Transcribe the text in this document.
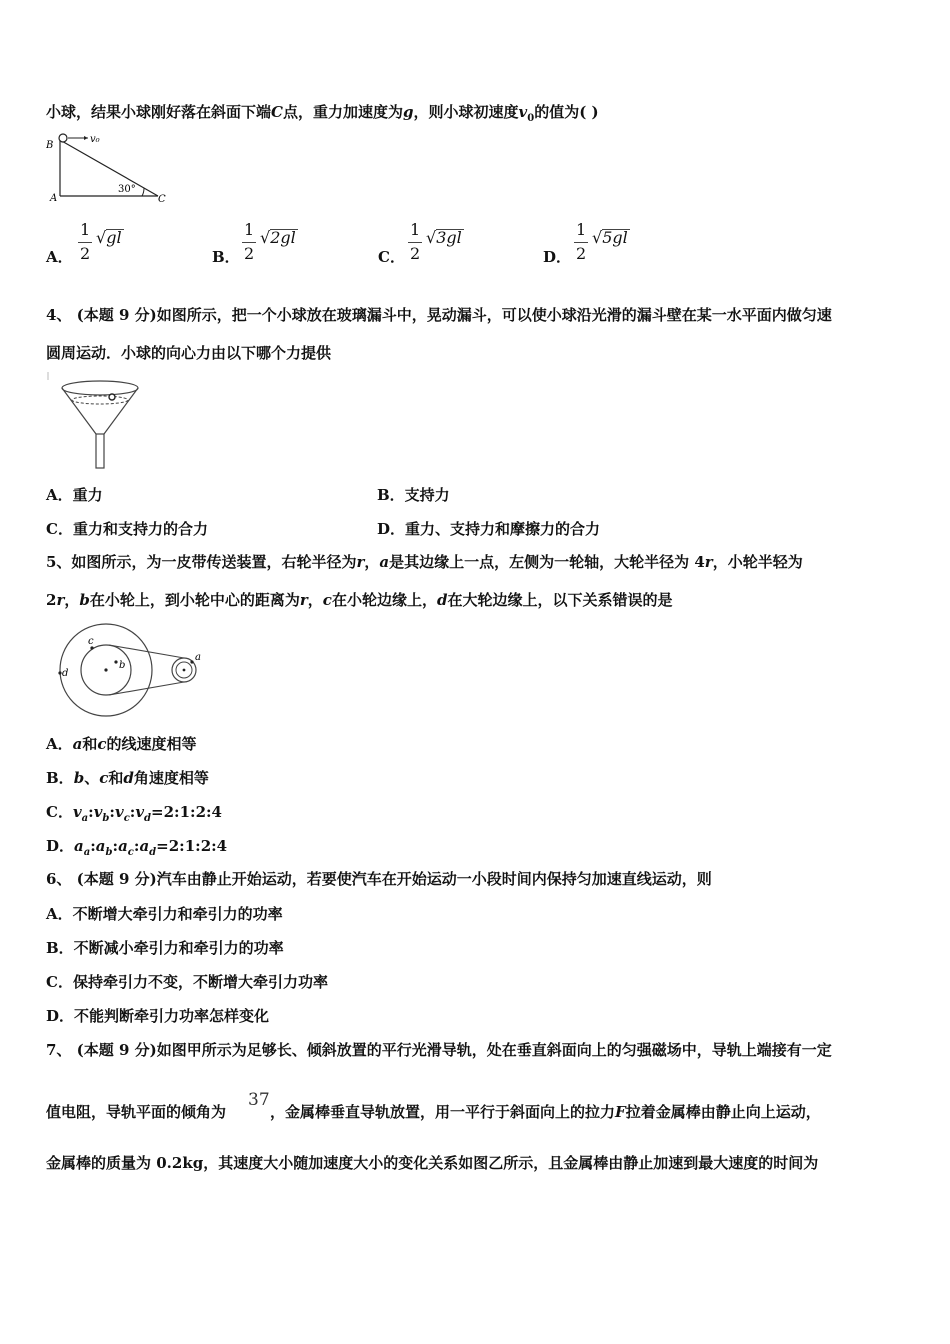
小球，结果小球刚好落在斜面下端C点，重力加速度为g，则小球初速度$v_0$的值为( )
B
A	C
v₀
30°
A．
1
2
√gl
B．
1
2
√2gl
C．
1
2
√3gl
D．
1
2
√5gl
4、 (本题 9 分)如图所示，把一个小球放在玻璃漏斗中，晃动漏斗，可以使小球沿光滑的漏斗壁在某一水平面内做匀速
圆周运动．小球的向心力由以下哪个力提供
A．重力	B．支持力
C．重力和支持力的合力	D．重力、支持力和摩擦力的合力
5、如图所示，为一皮带传送装置，右轮半径为r，a是其边缘上一点，左侧为一轮轴，大轮半径为 4r，小轮半轻为
2r，b在小轮上，到小轮中心的距离为r，c在小轮边缘上，d在大轮边缘上，以下关系错误的是
c
b
d
a
A．a和c的线速度相等
B．b、c和d角速度相等
C．$v_a:v_b:v_c:v_d=2:1:2:4$
D．$a_a:a_b:a_c:a_d=2:1:2:4$
6、 (本题 9 分)汽车由静止开始运动，若要使汽车在开始运动一小段时间内保持匀加速直线运动，则
A．不断增大牵引力和牵引力的功率
B．不断减小牵引力和牵引力的功率
C．保持牵引力不变，不断增大牵引力功率
D．不能判断牵引力功率怎样变化
7、 (本题 9 分)如图甲所示为足够长、倾斜放置的平行光滑导轨，处在垂直斜面向上的匀强磁场中，导轨上端接有一定
值电阻，导轨平面的倾角为	，金属棒垂直导轨放置，用一平行于斜面向上的拉力F拉着金属棒由静止向上运动，
37
金属棒的质量为 0.2kg，其速度大小随加速度大小的变化关系如图乙所示，且金属棒由静止加速到最大速度的时间为
